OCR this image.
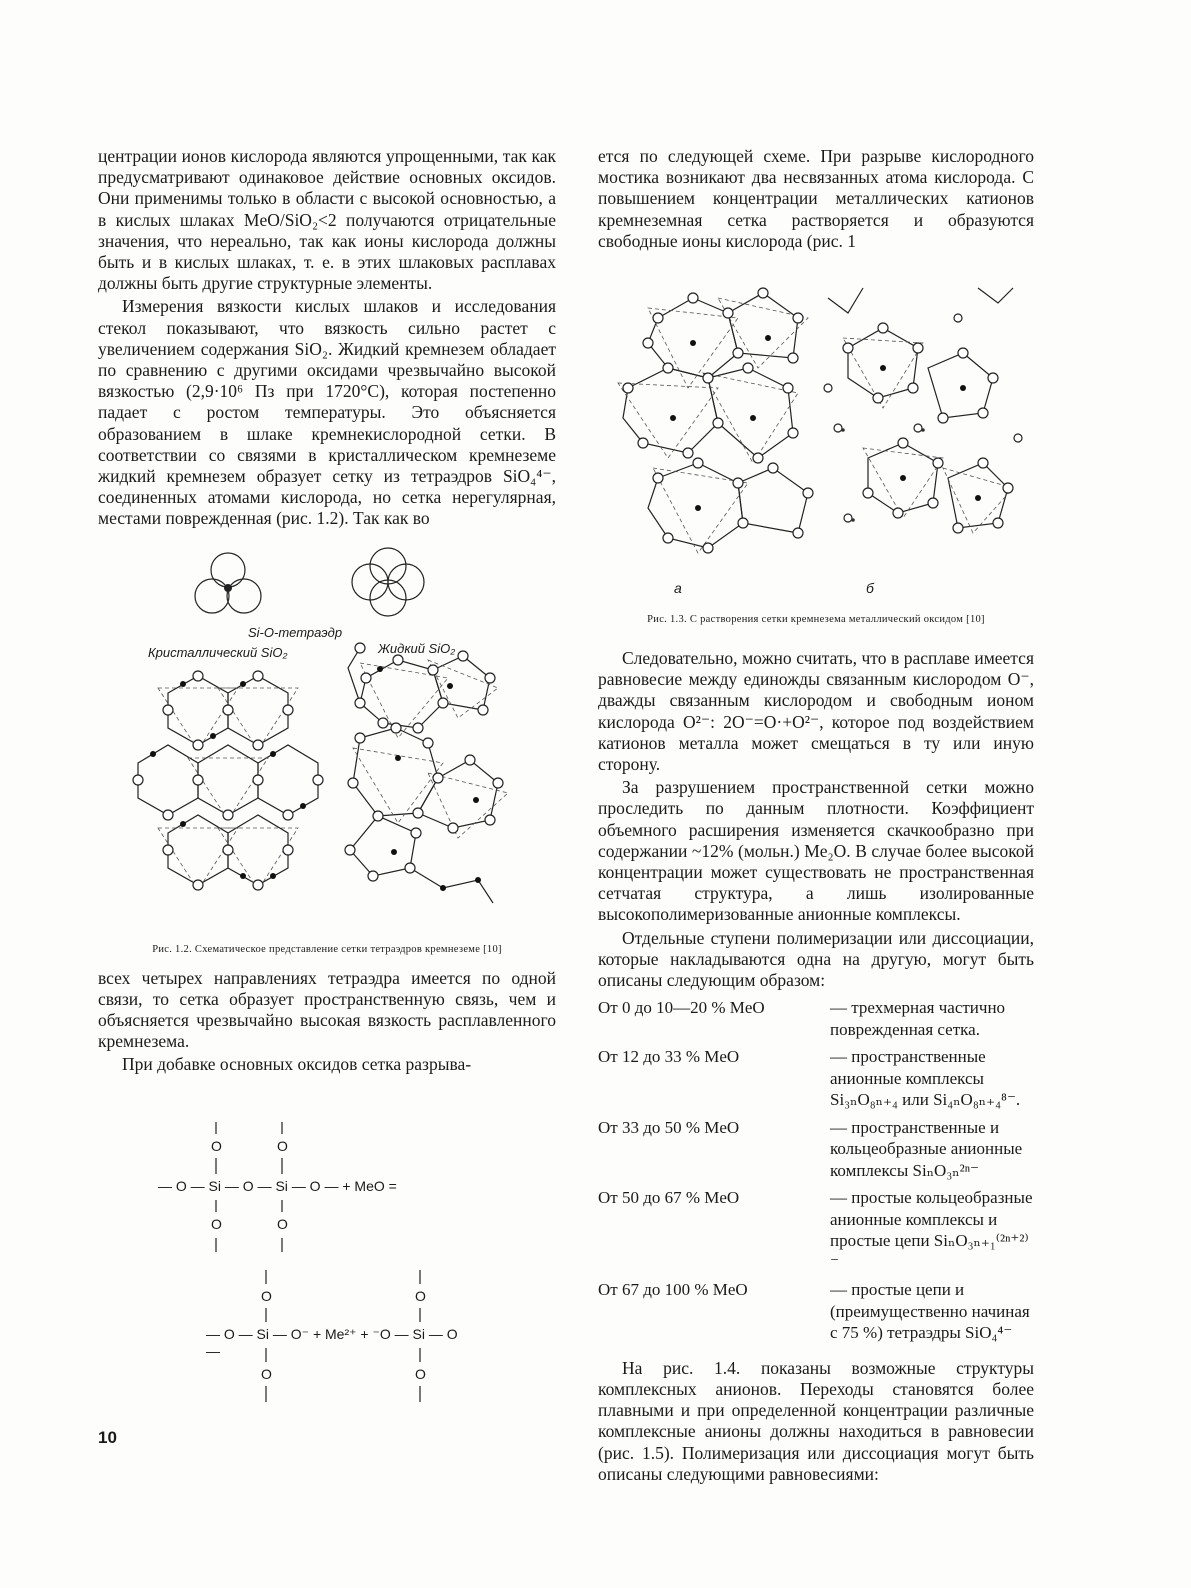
центрации ионов кислорода являются упрощенными, так как предусматривают одинаковое действие основных оксидов. Они применимы только в области с высокой основностью, а в кислых шлаках MeO/SiO₂<2 получаются отрицательные значения, что нереально, так как ионы кислорода должны быть и в кислых шлаках, т. е. в этих шлаковых расплавах должны быть другие структурные элементы.

Измерения вязкости кислых шлаков и исследования стекол показывают, что вязкость сильно растет с увеличением содержания SiO₂. Жидкий кремнезем обладает по сравнению с другими оксидами чрезвычайно высокой вязкостью (2,9·10⁶ Пз при 1720°C), которая постепенно падает с ростом температуры. Это объясняется образованием в шлаке кремнекислородной сетки. В соответствии со связями в кристаллическом кремнеземе жидкий кремнезем образует сетку из тетраэдров SiO₄⁴⁻, соединенных атомами кислорода, но сетка нерегулярная, местами поврежденная (рис. 1.2). Так как во

Si-O-тетраэдр
Кристаллический SiO₂	Жидкий SiO₂

Рис. 1.2. Схематическое представление сетки тетраэдров кремнеземе [10]

всех четырех направлениях тетраэдра имеется по одной связи, то сетка образует пространственную связь, чем и объясняется чрезвычайно высокая вязкость расплавленного кремнезема.

При добавке основных оксидов сетка разрыва-

O	O
— O — Si — O — Si — O — + MeO =
O	O
O	O
— O — Si — O⁻ + Me²⁺ + ⁻O — Si — O —
O	O

ется по следующей схеме. При разрыве кислородного мостика возникают два несвязанных атома кислорода. С повышением концентрации металлических катионов кремнеземная сетка растворяется и образуются свободные ионы кислорода (рис. 1

а	б

Рис. 1.3. С растворения сетки кремнезема металлический оксидом [10]

Следовательно, можно считать, что в расплаве имеется равновесие между единожды связанным кислородом O⁻, дважды связанным кислородом и свободным ионом кислорода O²⁻: 2O⁻=O·+O²⁻, которое под воздействием катионов металла может смещаться в ту или иную сторону.

За разрушением пространственной сетки можно проследить по данным плотности. Коэффициент объемного расширения изменяется скачкообразно при содержании ~12% (мольн.) Me₂O. В случае более высокой концентрации может существовать не пространственная сетчатая структура, а лишь изолированные высокополимеризованные анионные комплексы.

Отдельные ступени полимеризации или диссоциации, которые накладываются одна на другую, могут быть описаны следующим образом:

От 0 до 10—20 % MeO	— трехмерная частично поврежденная сетка.
От 12 до 33 % MeO	— пространственные анионные комплексы Si₃ₙO₈ₙ₊₄ или Si₄ₙO₈ₙ₊₄⁸⁻.
От 33 до 50 % MeO	— пространственные и кольцеобразные анионные комплексы SiₙO₃ₙ²ⁿ⁻
От 50 до 67 % MeO	— простые кольцеобразные анионные комплексы и простые цепи SiₙO₃ₙ₊₁⁽²ⁿ⁺²⁾⁻
От 67 до 100 % MeO	— простые цепи и (преимущественно начиная с 75 %) тетраэдры SiO₄⁴⁻

На рис. 1.4. показаны возможные структуры комплексных анионов. Переходы становятся более плавными и при определенной концентрации различные комплексные анионы должны находиться в равновесии (рис. 1.5). Полимеризация или диссоциация могут быть описаны следующими равновесиями:

10
